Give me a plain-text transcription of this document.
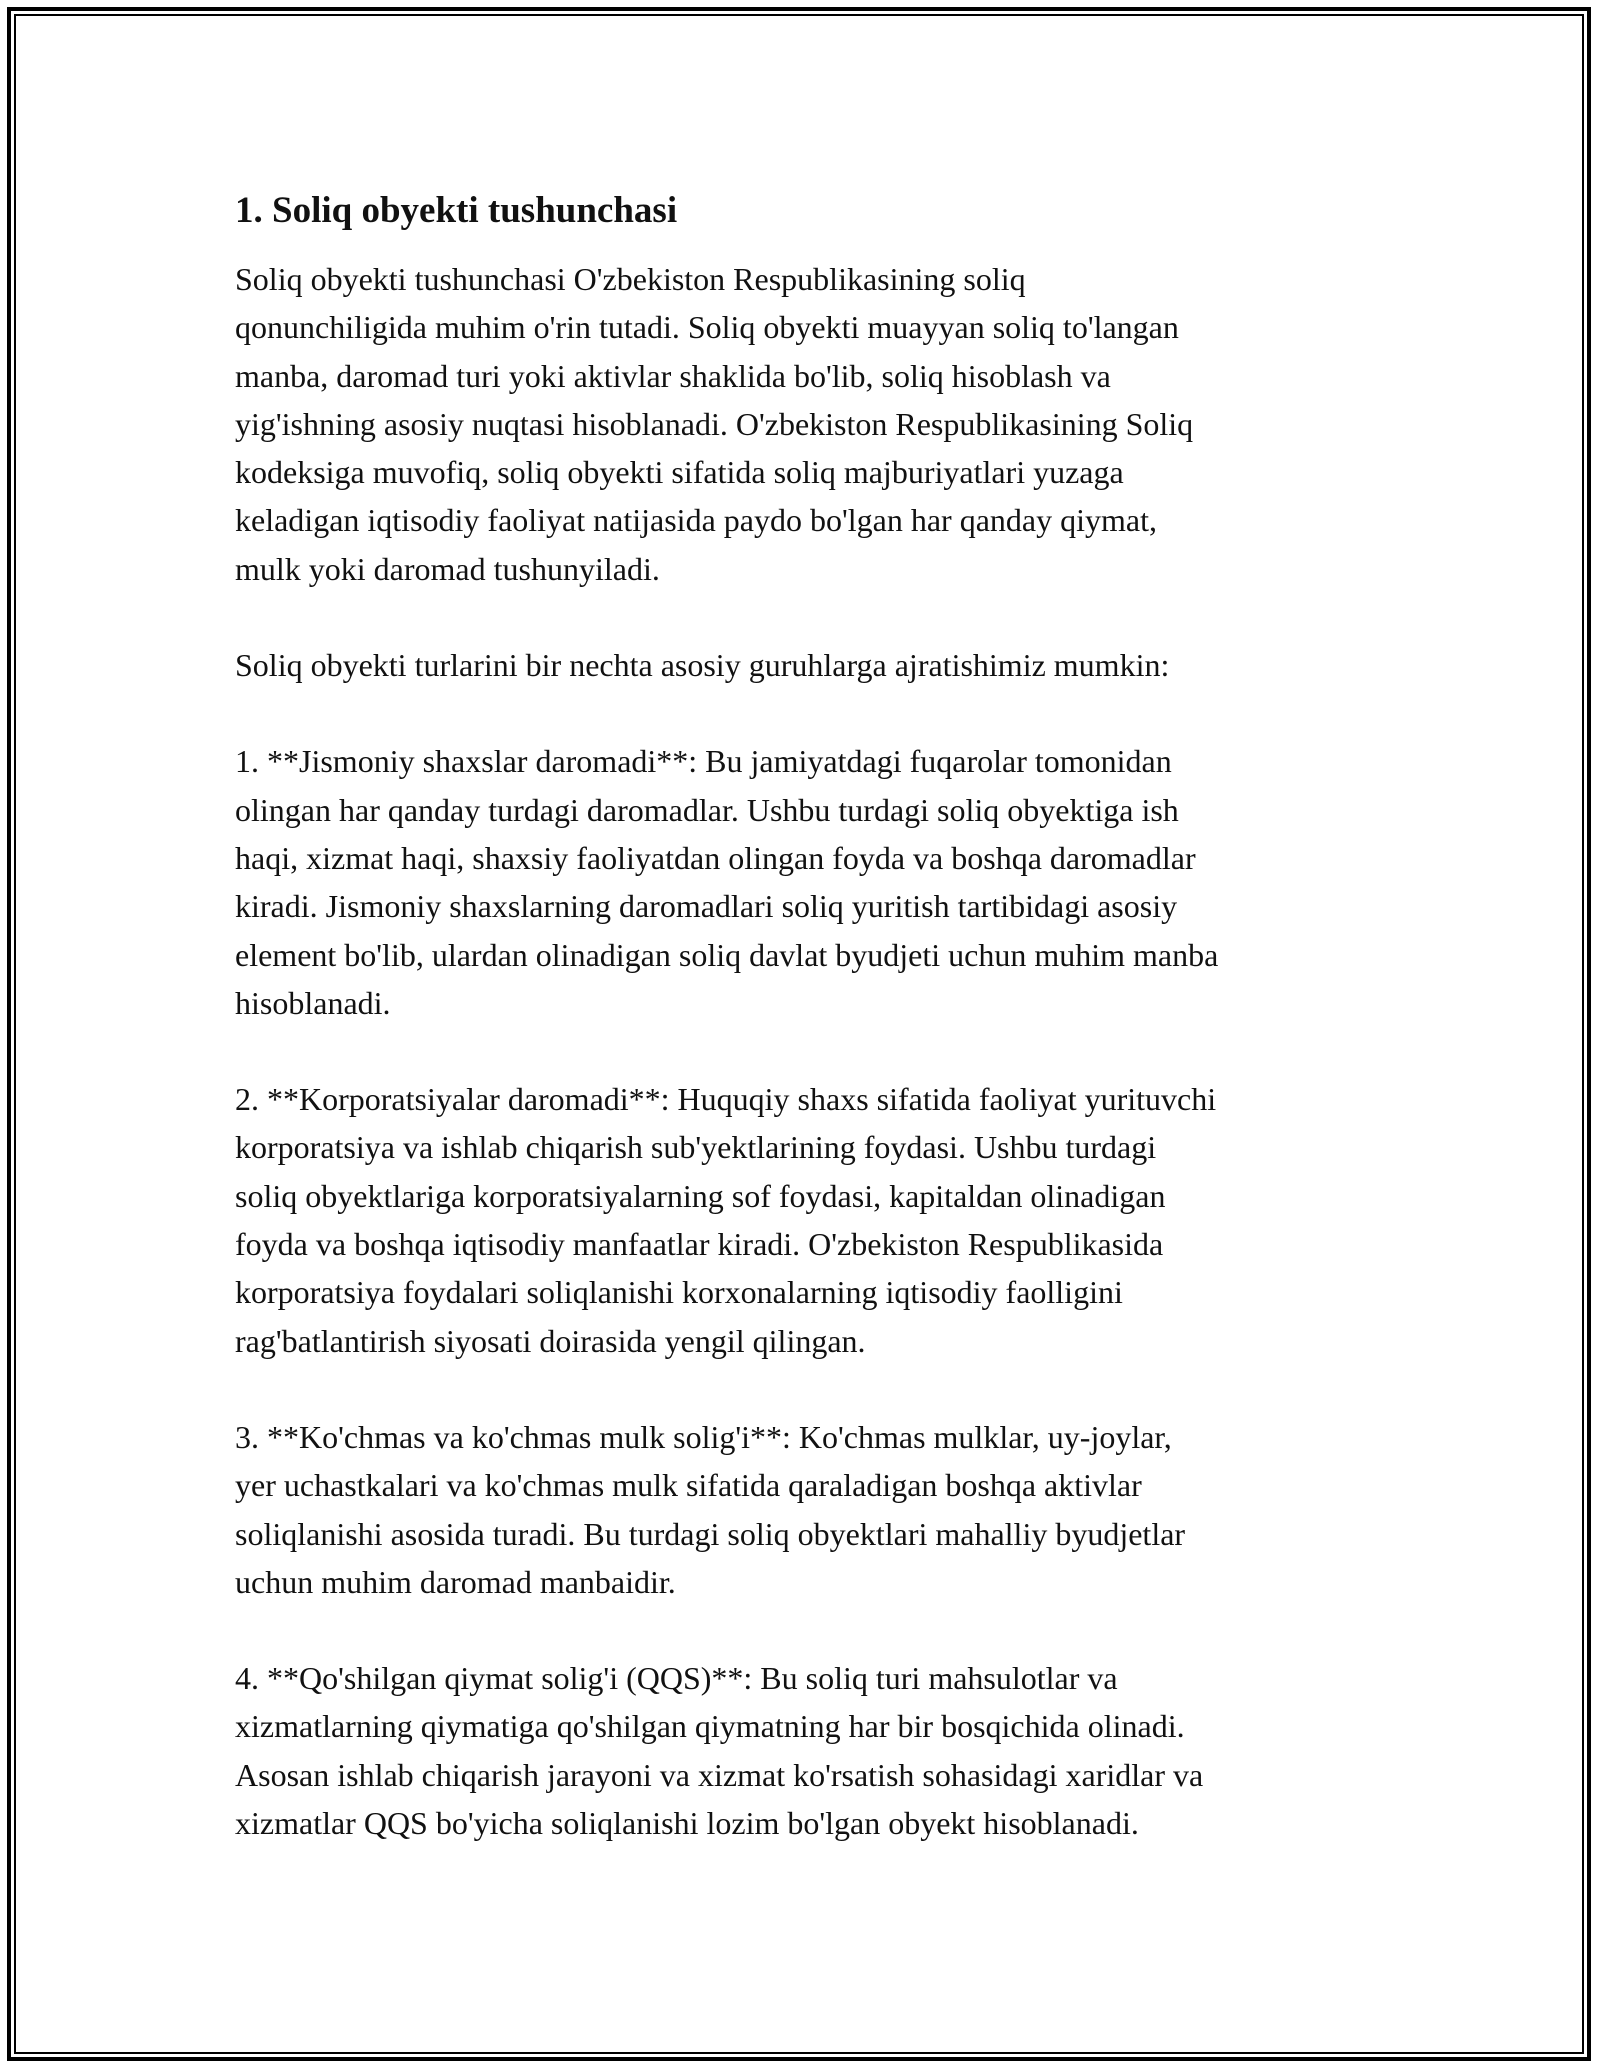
1. Soliq obyekti tushunchasi
Soliq obyekti tushunchasi O'zbekiston Respublikasining soliq
qonunchiligida muhim o'rin tutadi. Soliq obyekti muayyan soliq to'langan
manba, daromad turi yoki aktivlar shaklida bo'lib, soliq hisoblash va
yig'ishning asosiy nuqtasi hisoblanadi. O'zbekiston Respublikasining Soliq
kodeksiga muvofiq, soliq obyekti sifatida soliq majburiyatlari yuzaga
keladigan iqtisodiy faoliyat natijasida paydo bo'lgan har qanday qiymat,
mulk yoki daromad tushunyiladi.
Soliq obyekti turlarini bir nechta asosiy guruhlarga ajratishimiz mumkin:
1. **Jismoniy shaxslar daromadi**: Bu jamiyatdagi fuqarolar tomonidan
olingan har qanday turdagi daromadlar. Ushbu turdagi soliq obyektiga ish
haqi, xizmat haqi, shaxsiy faoliyatdan olingan foyda va boshqa daromadlar
kiradi. Jismoniy shaxslarning daromadlari soliq yuritish tartibidagi asosiy
element bo'lib, ulardan olinadigan soliq davlat byudjeti uchun muhim manba
hisoblanadi.
2. **Korporatsiyalar daromadi**: Huquqiy shaxs sifatida faoliyat yurituvchi
korporatsiya va ishlab chiqarish sub'yektlarining foydasi. Ushbu turdagi
soliq obyektlariga korporatsiyalarning sof foydasi, kapitaldan olinadigan
foyda va boshqa iqtisodiy manfaatlar kiradi. O'zbekiston Respublikasida
korporatsiya foydalari soliqlanishi korxonalarning iqtisodiy faolligini
rag'batlantirish siyosati doirasida yengil qilingan.
3. **Ko'chmas va ko'chmas mulk solig'i**: Ko'chmas mulklar, uy-joylar,
yer uchastkalari va ko'chmas mulk sifatida qaraladigan boshqa aktivlar
soliqlanishi asosida turadi. Bu turdagi soliq obyektlari mahalliy byudjetlar
uchun muhim daromad manbaidir.
4. **Qo'shilgan qiymat solig'i (QQS)**: Bu soliq turi mahsulotlar va
xizmatlarning qiymatiga qo'shilgan qiymatning har bir bosqichida olinadi.
Asosan ishlab chiqarish jarayoni va xizmat ko'rsatish sohasidagi xaridlar va
xizmatlar QQS bo'yicha soliqlanishi lozim bo'lgan obyekt hisoblanadi.
